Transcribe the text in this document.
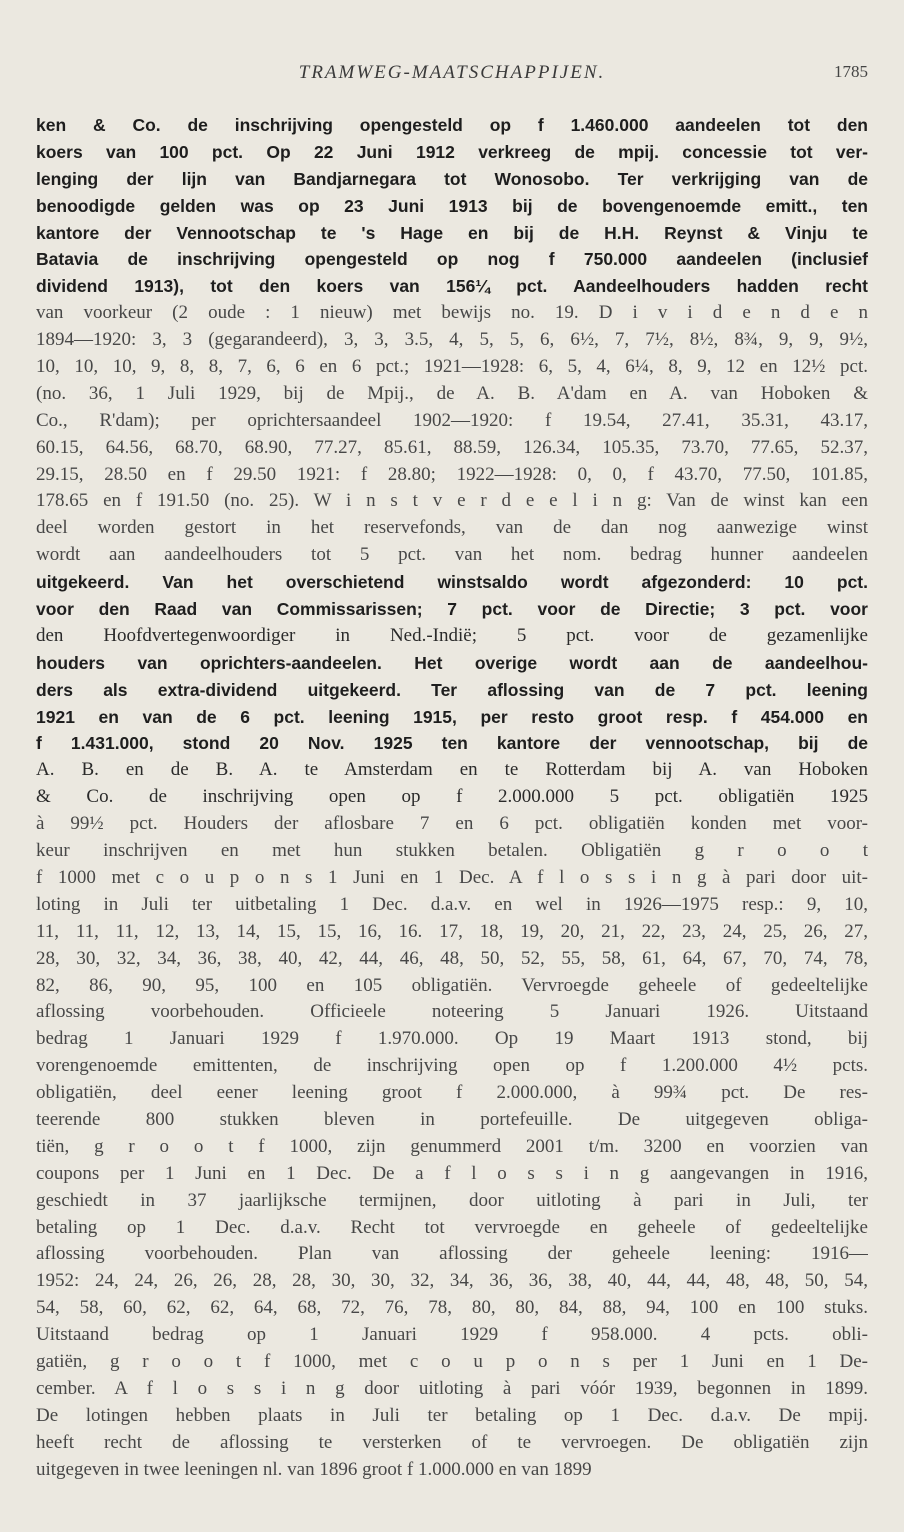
TRAMWEG-MAATSCHAPPIJEN.	1785
ken & Co. de inschrijving opengesteld op f 1.460.000 aandeelen tot den
koers van 100 pct. Op 22 Juni 1912 verkreeg de mpij. concessie tot ver-
lenging der lijn van Bandjarnegara tot Wonosobo. Ter verkrijging van de
benoodigde gelden was op 23 Juni 1913 bij de bovengenoemde emitt., ten
kantore der Vennootschap te 's Hage en bij de H.H. Reynst & Vinju te
Batavia de inschrijving opengesteld op nog f 750.000 aandeelen (inclusief
dividend 1913), tot den koers van 156¼ pct. Aandeelhouders hadden recht
van voorkeur (2 oude : 1 nieuw) met bewijs no. 19. D i v i d e n d e n
1894—1920: 3, 3 (gegarandeerd), 3, 3, 3.5, 4, 5, 5, 6, 6½, 7, 7½, 8½, 8¾, 9, 9, 9½,
10, 10, 10, 9, 8, 8, 7, 6, 6 en 6 pct.; 1921—1928: 6, 5, 4, 6¼, 8, 9, 12 en 12½ pct.
(no. 36, 1 Juli 1929, bij de Mpij., de A. B. A'dam en A. van Hoboken &
Co., R'dam); per oprichtersaandeel 1902—1920: f 19.54, 27.41, 35.31, 43.17,
60.15, 64.56, 68.70, 68.90, 77.27, 85.61, 88.59, 126.34, 105.35, 73.70, 77.65, 52.37,
29.15, 28.50 en f 29.50 1921: f 28.80; 1922—1928: 0, 0, f 43.70, 77.50, 101.85,
178.65 en f 191.50 (no. 25). W i n s t v e r d e e l i n g: Van de winst kan een
deel worden gestort in het reservefonds, van de dan nog aanwezige winst
wordt aan aandeelhouders tot 5 pct. van het nom. bedrag hunner aandeelen
uitgekeerd. Van het overschietend winstsaldo wordt afgezonderd: 10 pct.
voor den Raad van Commissarissen; 7 pct. voor de Directie; 3 pct. voor
den Hoofdvertegenwoordiger in Ned.-Indië; 5 pct. voor de gezamenlijke
houders van oprichters-aandeelen. Het overige wordt aan de aandeelhou-
ders als extra-dividend uitgekeerd. Ter aflossing van de 7 pct. leening
1921 en van de 6 pct. leening 1915, per resto groot resp. f 454.000 en
f 1.431.000, stond 20 Nov. 1925 ten kantore der vennootschap, bij de
A. B. en de B. A. te Amsterdam en te Rotterdam bij A. van Hoboken
& Co. de inschrijving open op f 2.000.000 5 pct. obligatiën 1925
à 99½ pct. Houders der aflosbare 7 en 6 pct. obligatiën konden met voor-
keur inschrijven en met hun stukken betalen. Obligatiën g r o o t
f 1000 met c o u p o n s 1 Juni en 1 Dec. A f l o s s i n g à pari door uit-
loting in Juli ter uitbetaling 1 Dec. d.a.v. en wel in 1926—1975 resp.: 9, 10,
11, 11, 11, 12, 13, 14, 15, 15, 16, 16. 17, 18, 19, 20, 21, 22, 23, 24, 25, 26, 27,
28, 30, 32, 34, 36, 38, 40, 42, 44, 46, 48, 50, 52, 55, 58, 61, 64, 67, 70, 74, 78,
82, 86, 90, 95, 100 en 105 obligatiën. Vervroegde geheele of gedeeltelijke
aflossing voorbehouden. Officieele noteering 5 Januari 1926. Uitstaand
bedrag 1 Januari 1929 f 1.970.000. Op 19 Maart 1913 stond, bij
vorengenoemde emittenten, de inschrijving open op f 1.200.000 4½ pcts.
obligatiën, deel eener leening groot f 2.000.000, à 99¾ pct. De res-
teerende 800 stukken bleven in portefeuille. De uitgegeven obliga-
tiën, g r o o t f 1000, zijn genummerd 2001 t/m. 3200 en voorzien van
coupons per 1 Juni en 1 Dec. De a f l o s s i n g aangevangen in 1916,
geschiedt in 37 jaarlijksche termijnen, door uitloting à pari in Juli, ter
betaling op 1 Dec. d.a.v. Recht tot vervroegde en geheele of gedeeltelijke
aflossing voorbehouden. Plan van aflossing der geheele leening: 1916—
1952: 24, 24, 26, 26, 28, 28, 30, 30, 32, 34, 36, 36, 38, 40, 44, 44, 48, 48, 50, 54,
54, 58, 60, 62, 62, 64, 68, 72, 76, 78, 80, 80, 84, 88, 94, 100 en 100 stuks.
Uitstaand bedrag op 1 Januari 1929 f 958.000. 4 pcts. obli-
gatiën, g r o o t f 1000, met c o u p o n s per 1 Juni en 1 De-
cember. A f l o s s i n g door uitloting à pari vóór 1939, begonnen in 1899.
De lotingen hebben plaats in Juli ter betaling op 1 Dec. d.a.v. De mpij.
heeft recht de aflossing te versterken of te vervroegen. De obligatiën zijn
uitgegeven in twee leeningen nl. van 1896 groot f 1.000.000 en van 1899
